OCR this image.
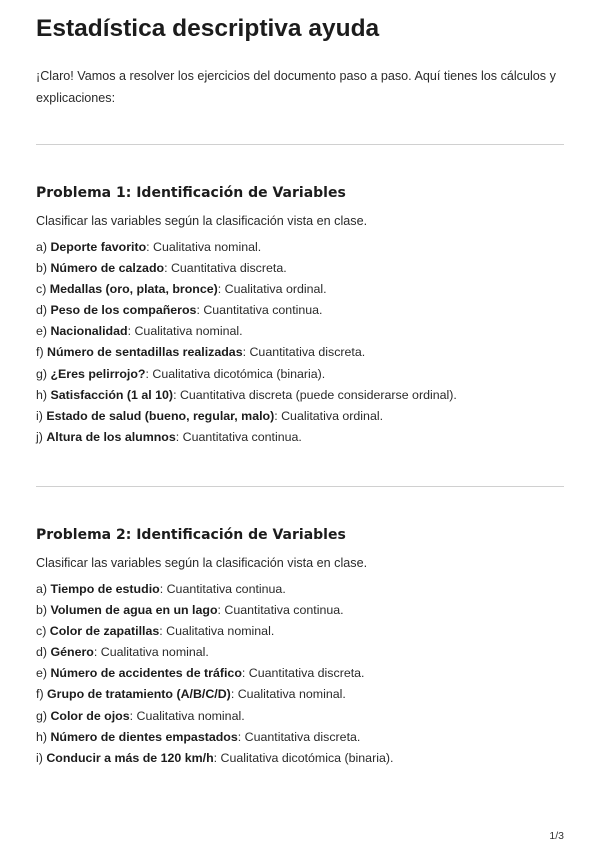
Estadística descriptiva ayuda

¡Claro! Vamos a resolver los ejercicios del documento paso a paso. Aquí tienes los cálculos y explicaciones:

Problema 1: Identificación de Variables

Clasificar las variables según la clasificación vista en clase.

a) Deporte favorito: Cualitativa nominal.
b) Número de calzado: Cuantitativa discreta.
c) Medallas (oro, plata, bronce): Cualitativa ordinal.
d) Peso de los compañeros: Cuantitativa continua.
e) Nacionalidad: Cualitativa nominal.
f) Número de sentadillas realizadas: Cuantitativa discreta.
g) ¿Eres pelirrojo?: Cualitativa dicotómica (binaria).
h) Satisfacción (1 al 10): Cuantitativa discreta (puede considerarse ordinal).
i) Estado de salud (bueno, regular, malo): Cualitativa ordinal.
j) Altura de los alumnos: Cuantitativa continua.
Problema 2: Identificación de Variables

Clasificar las variables según la clasificación vista en clase.

a) Tiempo de estudio: Cuantitativa continua.
b) Volumen de agua en un lago: Cuantitativa continua.
c) Color de zapatillas: Cualitativa nominal.
d) Género: Cualitativa nominal.
e) Número de accidentes de tráfico: Cuantitativa discreta.
f) Grupo de tratamiento (A/B/C/D): Cualitativa nominal.
g) Color de ojos: Cualitativa nominal.
h) Número de dientes empastados: Cuantitativa discreta.
i) Conducir a más de 120 km/h: Cualitativa dicotómica (binaria).
1/3
